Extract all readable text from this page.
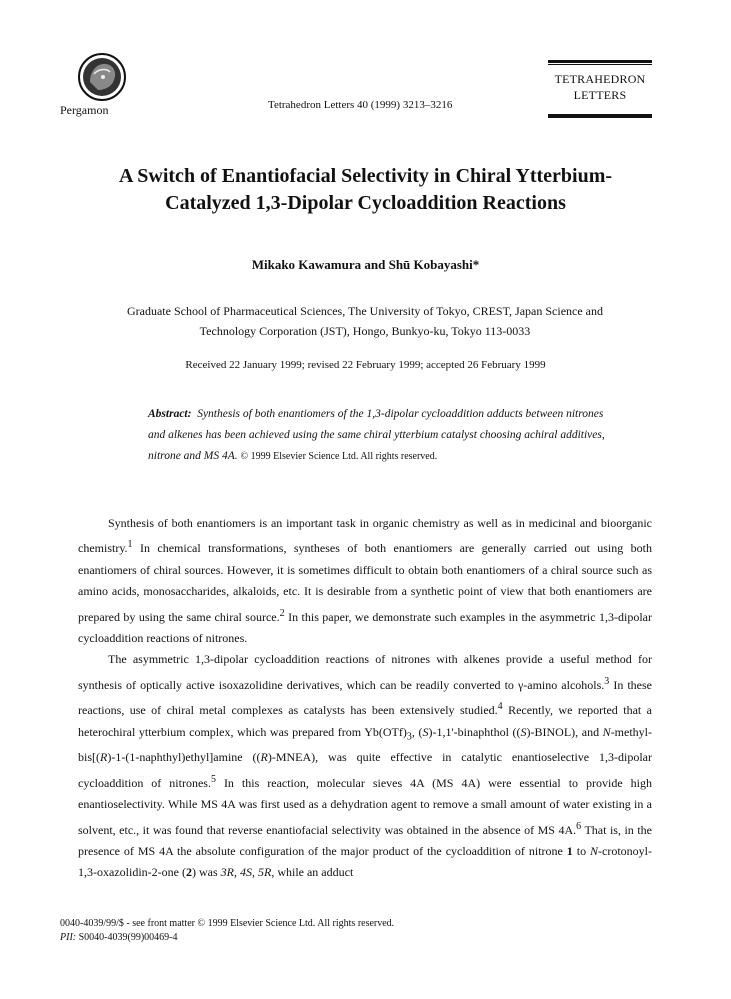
Pergamon	Tetrahedron Letters 40 (1999) 3213–3216
TETRAHEDRON
LETTERS
A Switch of Enantiofacial Selectivity in Chiral Ytterbium-
Catalyzed 1,3-Dipolar Cycloaddition Reactions
Mikako Kawamura and Shū Kobayashi*
Graduate School of Pharmaceutical Sciences, The University of Tokyo, CREST, Japan Science and
Technology Corporation (JST), Hongo, Bunkyo-ku, Tokyo 113-0033
Received 22 January 1999; revised 22 February 1999; accepted 26 February 1999
Abstract: Synthesis of both enantiomers of the 1,3-dipolar cycloaddition adducts between nitrones and alkenes has been achieved using the same chiral ytterbium catalyst choosing achiral additives, nitrone and MS 4A. © 1999 Elsevier Science Ltd. All rights reserved.

Synthesis of both enantiomers is an important task in organic chemistry as well as in medicinal and bioorganic chemistry.$^1$ In chemical transformations, syntheses of both enantiomers are generally carried out using both enantiomers of chiral sources. However, it is sometimes difficult to obtain both enantiomers of a chiral source such as amino acids, monosaccharides, alkaloids, etc. It is desirable from a synthetic point of view that both enantiomers are prepared by using the same chiral source.$^2$ In this paper, we demonstrate such examples in the asymmetric 1,3-dipolar cycloaddition reactions of nitrones.

The asymmetric 1,3-dipolar cycloaddition reactions of nitrones with alkenes provide a useful method for synthesis of optically active isoxazolidine derivatives, which can be readily converted to γ-amino alcohols.$^3$ In these reactions, use of chiral metal complexes as catalysts has been extensively studied.$^4$ Recently, we reported that a heterochiral ytterbium complex, which was prepared from $Yb(OTf)_3$, (S)-1,1'-binaphthol ((S)-BINOL), and N-methyl-bis[(R)-1-(1-naphthyl)ethyl]amine ((R)-MNEA), was quite effective in catalytic enantioselective 1,3-dipolar cycloaddition of nitrones.$^5$ In this reaction, molecular sieves 4A (MS 4A) were essential to provide high enantioselectivity. While MS 4A was first used as a dehydration agent to remove a small amount of water existing in a solvent, etc., it was found that reverse enantiofacial selectivity was obtained in the absence of MS 4A.$^6$ That is, in the presence of MS 4A the absolute configuration of the major product of the cycloaddition of nitrone 1 to N-crotonoyl-1,3-oxazolidin-2-one (2) was 3R, 4S, 5R, while an adduct

0040-4039/99/$ - see front matter © 1999 Elsevier Science Ltd. All rights reserved.
PII: S0040-4039(99)00469-4
